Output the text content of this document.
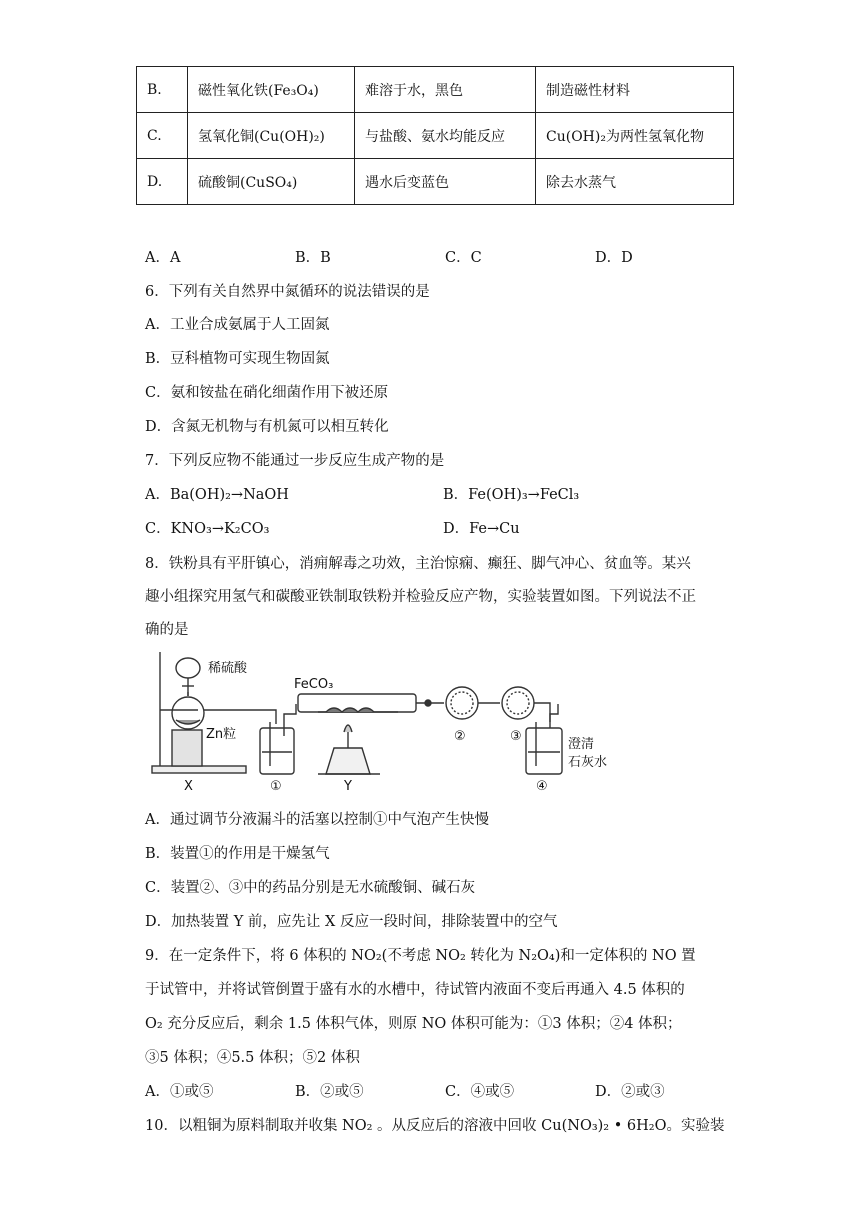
B.	磁性氧化铁(Fe₃O₄)	难溶于水，黑色	制造磁性材料
C.	氢氧化铜(Cu(OH)₂)	与盐酸、氨水均能反应	Cu(OH)₂为两性氢氧化物
D.	硫酸铜(CuSO₄)	遇水后变蓝色	除去水蒸气
A．A	B．B	C．C	D．D
6．下列有关自然界中氮循环的说法错误的是
A．工业合成氨属于人工固氮
B．豆科植物可实现生物固氮
C．氨和铵盐在硝化细菌作用下被还原
D．含氮无机物与有机氮可以相互转化
7．下列反应物不能通过一步反应生成产物的是
A．Ba(OH)₂→NaOH	B．Fe(OH)₃→FeCl₃
C．KNO₃→K₂CO₃	D．Fe→Cu
8．铁粉具有平肝镇心，消痈解毒之功效，主治惊痫、癫狂、脚气冲心、贫血等。某兴
趣小组探究用氢气和碳酸亚铁制取铁粉并检验反应产物，实验装置如图。下列说法不正
确的是
稀硫酸
Zn粒
FeCO₃
X	Y
①
②	③
④
澄清
石灰水
A．通过调节分液漏斗的活塞以控制①中气泡产生快慢
B．装置①的作用是干燥氢气
C．装置②、③中的药品分别是无水硫酸铜、碱石灰
D．加热装置 Y 前，应先让 X 反应一段时间，排除装置中的空气
9．在一定条件下，将 6 体积的 NO₂(不考虑 NO₂ 转化为 N₂O₄)和一定体积的 NO 置
于试管中，并将试管倒置于盛有水的水槽中，待试管内液面不变后再通入 4.5 体积的
O₂ 充分反应后，剩余 1.5 体积气体，则原 NO 体积可能为：①3 体积；②4 体积；
③5 体积；④5.5 体积；⑤2 体积
A．①或⑤	B．②或⑤	C．④或⑤	D．②或③
10．以粗铜为原料制取并收集 NO₂ 。从反应后的溶液中回收 Cu(NO₃)₂ • 6H₂O。实验装
